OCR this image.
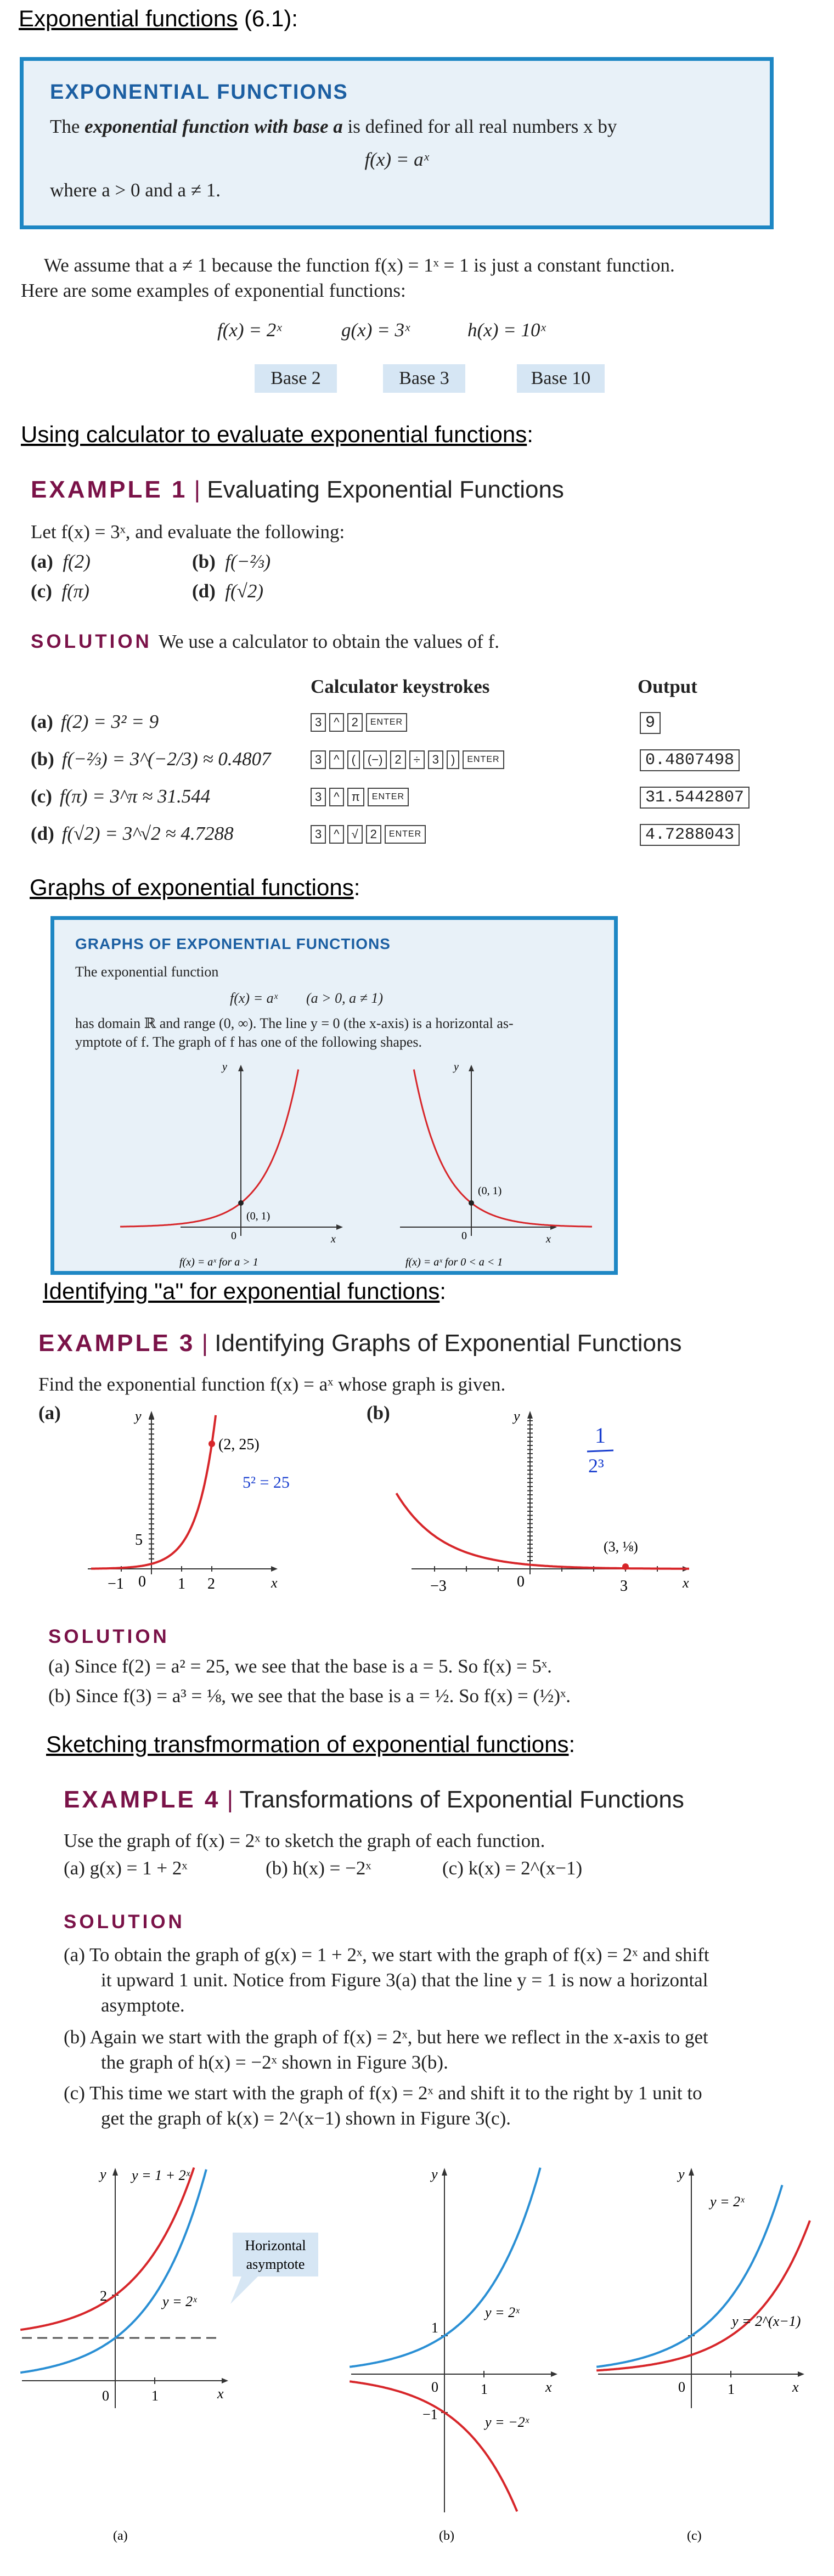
Exponential functions (6.1):
EXPONENTIAL FUNCTIONS
The exponential function with base a is defined for all real numbers x by
f(x) = aˣ
where a > 0 and a ≠ 1.
We assume that a ≠ 1 because the function f(x) = 1ˣ = 1 is just a constant function.
Here are some examples of exponential functions:
f(x) = 2ˣ	g(x) = 3ˣ	h(x) = 10ˣ
Base 2	Base 3	Base 10
Using calculator to evaluate exponential functions:
EXAMPLE 1 | Evaluating Exponential Functions
Let f(x) = 3ˣ, and evaluate the following:
(a) f(2)	(b) f(−⅔)
(c) f(π)	(d) f(√2)
SOLUTION We use a calculator to obtain the values of f.
Calculator keystrokes	Output
(a) f(2) = 3² = 9	3 ^ 2 ENTER	9
(b) f(−⅔) = 3^(−2/3) ≈ 0.4807	3 ^ ( (−) 2 ÷ 3 ) ENTER	0.4807498
(c) f(π) = 3^π ≈ 31.544	3 ^ π ENTER	31.5442807
(d) f(√2) = 3^√2 ≈ 4.7288	3 ^ √ 2 ENTER	4.7288043
Graphs of exponential functions:
GRAPHS OF EXPONENTIAL FUNCTIONS
The exponential function
f(x) = aˣ        (a > 0, a ≠ 1)
has domain ℝ and range (0, ∞). The line y = 0 (the x-axis) is a horizontal as-
ymptote of f. The graph of f has one of the following shapes.
y
x
0
(0, 1)
f(x) = aˣ for a > 1
y
x
0
(0, 1)
f(x) = aˣ for 0 < a < 1
Identifying "a" for exponential functions:
EXAMPLE 3 | Identifying Graphs of Exponential Functions
Find the exponential function f(x) = aˣ whose graph is given.
(a)	(b)
y
x
(2, 25)
5² = 25
5
−1 0 1 2
y
x
(3, ⅛)
1
2³
−3	0	3
SOLUTION
(a) Since f(2) = a² = 25, we see that the base is a = 5. So f(x) = 5ˣ.
(b) Since f(3) = a³ = ⅛, we see that the base is a = ½. So f(x) = (½)ˣ.
Sketching transfmormation of exponential functions:
EXAMPLE 4 | Transformations of Exponential Functions
Use the graph of f(x) = 2ˣ to sketch the graph of each function.
(a) g(x) = 1 + 2ˣ	(b) h(x) = −2ˣ	(c) k(x) = 2^(x−1)
SOLUTION
(a) To obtain the graph of g(x) = 1 + 2ˣ, we start with the graph of f(x) = 2ˣ and shift
it upward 1 unit. Notice from Figure 3(a) that the line y = 1 is now a horizontal
asymptote.
(b) Again we start with the graph of f(x) = 2ˣ, but here we reflect in the x-axis to get
the graph of h(x) = −2ˣ shown in Figure 3(b).
(c) This time we start with the graph of f(x) = 2ˣ and shift it to the right by 1 unit to
get the graph of k(x) = 2^(x−1) shown in Figure 3(c).
y
x
0	1
2
y = 1 + 2ˣ
y = 2ˣ
Horizontal
asymptote
(a)
y
x
0	1
1
−1
y = 2ˣ
y = −2ˣ
(b)
y
x
0	1
y = 2ˣ
y = 2^(x−1)
(c)
